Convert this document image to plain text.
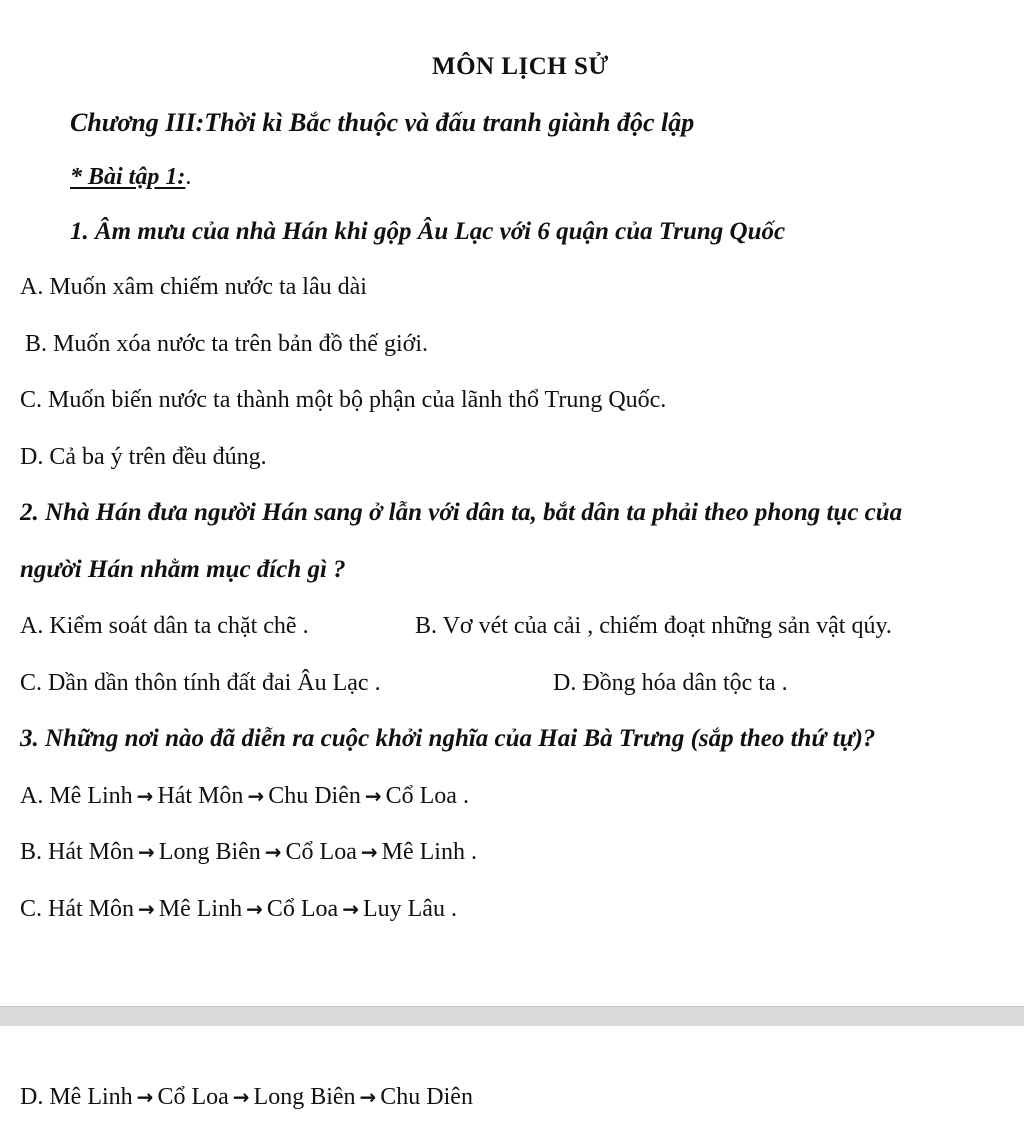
MÔN LỊCH SỬ
Chương III:Thời kì Bắc thuộc và đấu tranh giành độc lập
* Bài tập 1:.
1. Âm mưu của nhà Hán khi gộp Âu Lạc với 6 quận của Trung Quốc
A. Muốn xâm chiếm nước ta lâu dài
B. Muốn xóa nước ta trên bản đồ thế giới.
C. Muốn biến nước ta thành một bộ phận của lãnh thổ Trung Quốc.
D. Cả ba ý trên đều đúng.
2. Nhà Hán đưa người Hán sang ở lẫn với dân ta, bắt dân ta phải theo phong tục của
người Hán nhằm mục đích gì ?
A. Kiểm soát dân ta chặt chẽ .	B. Vơ vét của cải , chiếm đoạt những sản vật qúy.
C. Dần dần thôn tính đất đai Âu Lạc .	D. Đồng hóa dân tộc ta .
3. Những nơi nào đã diễn ra cuộc khởi nghĩa của Hai Bà Trưng (sắp theo thứ tự)?
A. Mê Linh → Hát Môn → Chu Diên → Cổ Loa .
B. Hát Môn → Long Biên → Cổ Loa → Mê Linh .
C. Hát Môn → Mê Linh → Cổ Loa → Luy Lâu .
D. Mê Linh → Cổ Loa → Long Biên → Chu Diên
